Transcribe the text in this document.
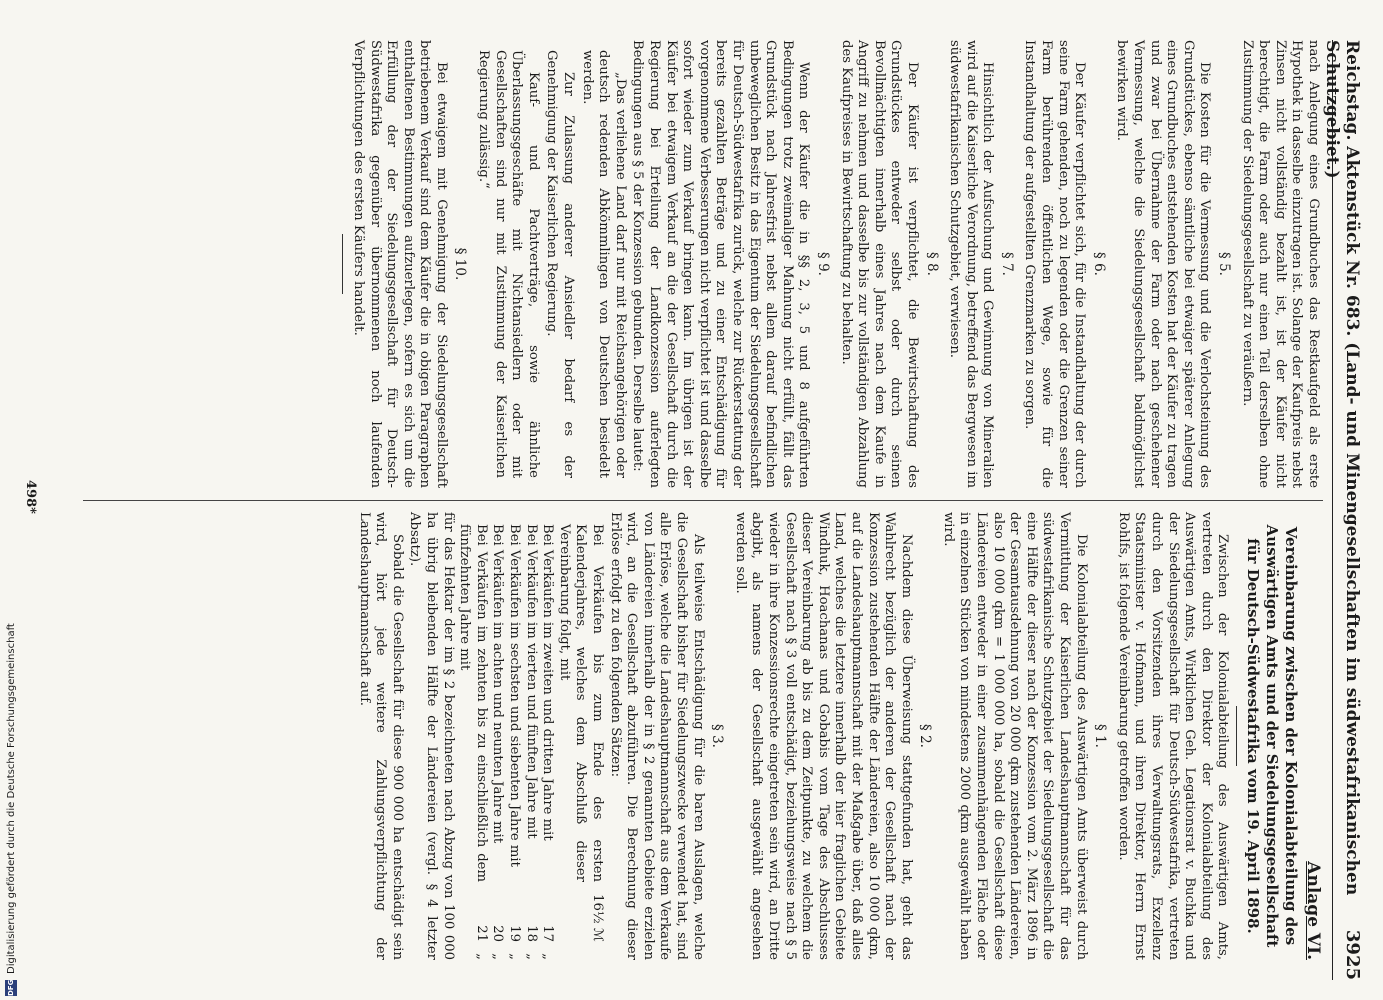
Reichstag. Aktenstück Nr. 683. (Land- und Minengesellschaften im südwestafrikanischen Schutzgebiet.)
3925

nach Anlegung eines Grundbuches das Restkaufgeld als erste Hypothek in dasselbe einzutragen ist. Solange der Kaufpreis nebst Zinsen nicht vollständig bezahlt ist, ist der Käufer nicht berechtigt, die Farm oder auch nur einen Teil derselben ohne Zustimmung der Siedelungsgesellschaft zu veräußern.

§ 5.

Die Kosten für die Vermessung und die Verlochsteinung des Grundstückes, ebenso sämtliche bei etwaiger späterer Anlegung eines Grundbuches entstehenden Kosten hat der Käufer zu tragen und zwar bei Übernahme der Farm oder nach geschehener Vermessung, welche die Siedelungsgesellschaft baldmöglichst bewirken wird.

§ 6.

Der Käufer verpflichtet sich, für die Instandhaltung der durch seine Farm gehenden, noch zu legenden oder die Grenzen seiner Farm berührenden öffentlichen Wege, sowie für die Instandhaltung der aufgestellten Grenzmarken zu sorgen.

§ 7.

Hinsichtlich der Aufsuchung und Gewinnung von Mineralien wird auf die Kaiserliche Verordnung, betreffend das Bergwesen im südwestafrikanischen Schutzgebiet, verwiesen.

§ 8.

Der Käufer ist verpflichtet, die Bewirtschaftung des Grundstückes entweder selbst oder durch seinen Bevollmächtigten innerhalb eines Jahres nach dem Kaufe in Angriff zu nehmen und dasselbe bis zur vollständigen Abzahlung des Kaufpreises in Bewirtschaftung zu behalten.

§ 9.

Wenn der Käufer die in §§ 2, 3, 5 und 8 aufgeführten Bedingungen trotz zweimaliger Mahnung nicht erfüllt, fällt das Grundstück nach Jahresfrist nebst allem darauf befindlichen unbeweglichen Besitz in das Eigentum der Siedelungsgesellschaft für Deutsch-Südwestafrika zurück, welche zur Rückerstattung der bereits gezahlten Beträge und zu einer Entschädigung für vorgenommene Verbesserungen nicht verpflichtet ist und dasselbe sofort wieder zum Verkauf bringen kann. Im übrigen ist der Käufer bei etwaigem Verkauf an die der Gesellschaft durch die Regierung bei Erteilung der Landkonzession auferlegten Bedingungen aus § 5 der Konzession gebunden. Derselbe lautet:

„Das verliehene Land darf nur mit Reichsangehörigen oder deutsch redenden Abkömmlingen von Deutschen besiedelt werden.

Zur Zulassung anderer Ansiedler bedarf es der Genehmigung der Kaiserlichen Regierung.

Kauf- und Pachtverträge, sowie ähnliche Überlassungsgeschäfte mit Nichtansiedlern oder mit Gesellschaften sind nur mit Zustimmung der Kaiserlichen Regierung zulässig.“

§ 10.

Bei etwaigem mit Genehmigung der Siedelungsgesellschaft betriebenem Verkauf sind dem Käufer die in obigen Paragraphen enthaltenen Bestimmungen aufzuerlegen, sofern es sich um die Erfüllung der der Siedelungsgesellschaft für Deutsch-Südwestafrika gegenüber übernommenen noch laufenden Verpflichtungen des ersten Käufers handelt.

Anlage VI.
Vereinbarung zwischen der Kolonialabteilung des Auswärtigen Amts und der Siedelungsgesellschaft für Deutsch-Südwestafrika vom 19. April 1898.

Zwischen der Kolonialabteilung des Auswärtigen Amts, vertreten durch den Direktor der Kolonialabteilung des Auswärtigen Amts, Wirklichen Geh. Legationsrat v. Buchka und der Siedelungsgesellschaft für Deutsch-Südwestafrika, vertreten durch den Vorsitzenden ihres Verwaltungsrats, Exzellenz Staatsminister v. Hofmann, und ihren Direktor, Herrn Ernst Rohlfs, ist folgende Vereinbarung getroffen worden.

§ 1.

Die Kolonialabteilung des Auswärtigen Amts überweist durch Vermittlung der Kaiserlichen Landeshauptmannschaft für das südwestafrikanische Schutzgebiet der Siedelungsgesellschaft die eine Hälfte der dieser nach der Konzession vom 2. März 1896 in der Gesamtausdehnung von 20 000 qkm zustehenden Ländereien, also 10 000 qkm = 1 000 000 ha, sobald die Gesellschaft diese Ländereien entweder in einer zusammenhängenden Fläche oder in einzelnen Stücken von mindestens 2000 qkm ausgewählt haben wird.

§ 2.

Nachdem diese Überweisung stattgefunden hat, geht das Wahlrecht bezüglich der anderen der Gesellschaft nach der Konzession zustehenden Hälfte der Ländereien, also 10 000 qkm, auf die Landeshauptmannschaft mit der Maßgabe über, daß alles Land, welches die letztere innerhalb der hier fraglichen Gebiete Windhuk, Hoachanas und Gobabis vom Tage des Abschlusses dieser Vereinbarung ab bis zu dem Zeitpunkte, zu welchem die Gesellschaft nach § 3 voll entschädigt, beziehungsweise nach § 5 wieder in ihre Konzessionsrechte eingetreten sein wird, an Dritte abgibt, als namens der Gesellschaft ausgewählt angesehen werden soll.

§ 3.

Als teilweise Entschädigung für die baren Auslagen, welche die Gesellschaft bisher für Siedelungszwecke verwendet hat, sind alle Erlöse, welche die Landeshauptmannschaft aus dem Verkaufe von Ländereien innerhalb der in § 2 genannten Gebiete erzielen wird, an die Gesellschaft abzuführen. Die Berechnung dieser Erlöse erfolgt zu den folgenden Sätzen:

Bei Verkäufen bis zum Ende des ersten Kalenderjahres, welches dem Abschluß dieser Vereinbarung folgt, mit
16½ ℳ
Bei Verkäufen im zweiten und dritten Jahre mit
17
„
Bei Verkäufen im vierten und fünften Jahre mit
18
„
Bei Verkäufen im sechsten und siebenten Jahre mit
19
„
Bei Verkäufen im achten und neunten Jahre mit
20
„
Bei Verkäufen im zehnten bis zu einschließlich dem fünfzehnten Jahre mit
21
„

für das Hektar der im § 2 bezeichneten nach Abzug von 100 000 ha übrig bleibenden Hälfte der Ländereien (vergl. § 4 letzter Absatz).

Sobald die Gesellschaft für diese 900 000 ha entschädigt sein wird, hört jede weitere Zahlungsverpflichtung der Landeshauptmannschaft auf.

498*
DFG
Digitalisierung gefördert durch die Deutsche Forschungsgemeinschaft
